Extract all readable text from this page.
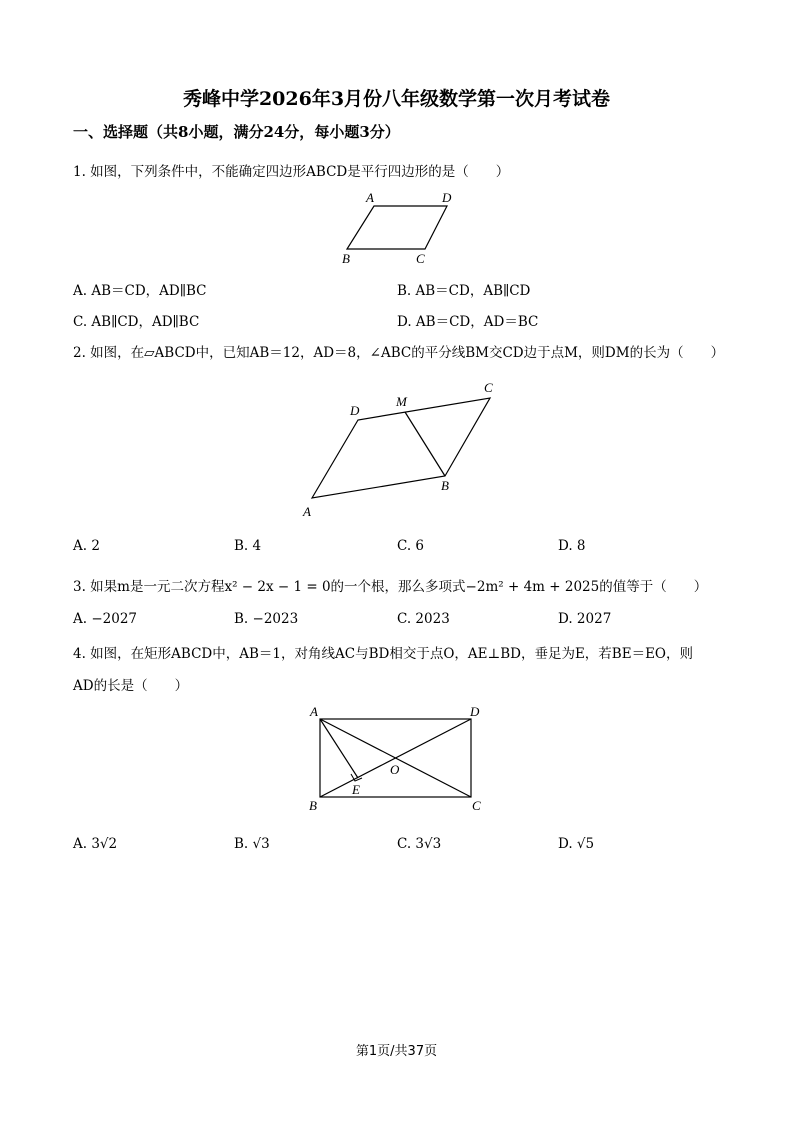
秀峰中学2026年3月份八年级数学第一次月考试卷
一、选择题（共8小题，满分24分，每小题3分）
1. 如图，下列条件中，不能确定四边形ABCD是平行四边形的是（　　）
A	D
B	C
A. AB＝CD，AD∥BC	B. AB＝CD，AB∥CD
C. AB∥CD，AD∥BC	D. AB＝CD，AD＝BC
2. 如图，在▱ABCD中，已知AB＝12，AD＝8，∠ABC的平分线BM交CD边于点M，则DM的长为（　　）
C
D
M
B
A
A. 2	B. 4	C. 6	D. 8
3. 如果m是一元二次方程x² − 2x − 1 = 0的一个根，那么多项式−2m² + 4m + 2025的值等于（　　）
A. −2027	B. −2023	C. 2023	D. 2027
4. 如图，在矩形ABCD中，AB＝1，对角线AC与BD相交于点O，AE⊥BD，垂足为E，若BE＝EO，则
AD的长是（　　）
A	D
O
E
B	C
A. 3√2	B. √3	C. 3√3	D. √5
第1页/共37页
